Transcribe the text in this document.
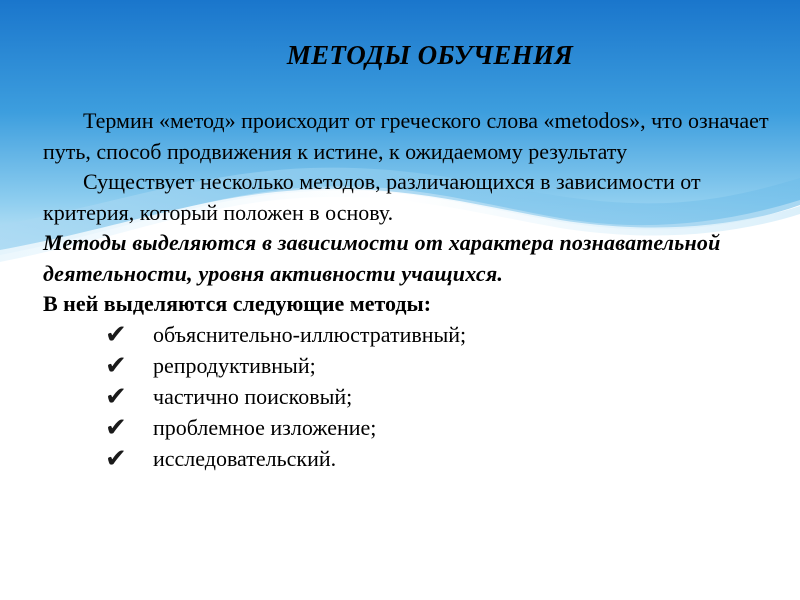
МЕТОДЫ ОБУЧЕНИЯ

Термин «метод» происходит от греческого слова «metodos», что означает путь, способ продвижения к истине, к ожидаемому результату

Существует несколько методов, различающихся в зависимости от критерия, который положен в основу.

Методы выделяются в зависимости от характера познавательной деятельности, уровня активности учащихся.

В ней выделяются следующие методы:

✔ объяснительно-иллюстративный;
✔ репродуктивный;
✔ частично поисковый;
✔ проблемное изложение;
✔ исследовательский.
